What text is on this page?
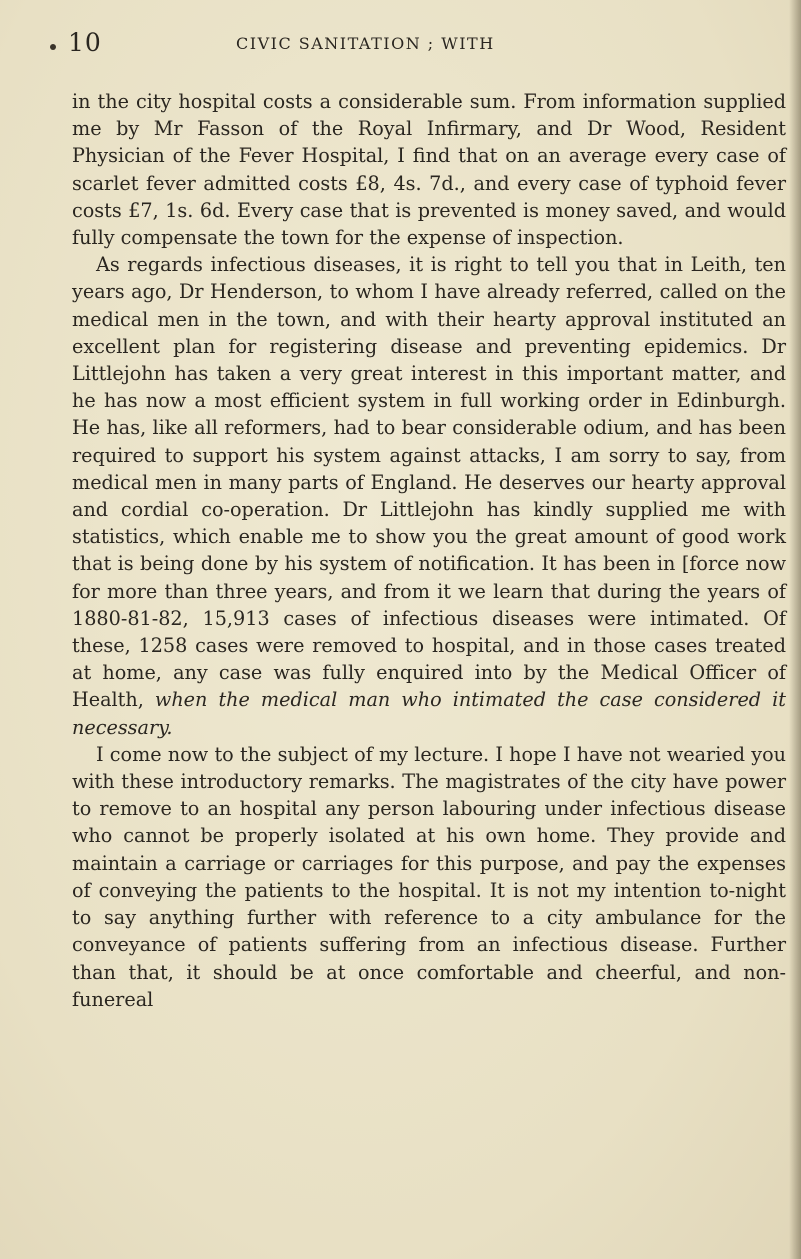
10	CIVIC SANITATION ; WITH

in the city hospital costs a considerable sum. From information supplied me by Mr Fasson of the Royal Infirmary, and Dr Wood, Resident Physician of the Fever Hospital, I find that on an average every case of scarlet fever admitted costs £8, 4s. 7d., and every case of typhoid fever costs £7, 1s. 6d. Every case that is prevented is money saved, and would fully compensate the town for the expense of inspection.

As regards infectious diseases, it is right to tell you that in Leith, ten years ago, Dr Henderson, to whom I have already referred, called on the medical men in the town, and with their hearty approval instituted an excellent plan for registering disease and preventing epidemics. Dr Littlejohn has taken a very great interest in this important matter, and he has now a most efficient system in full working order in Edinburgh. He has, like all reformers, had to bear considerable odium, and has been required to support his system against attacks, I am sorry to say, from medical men in many parts of England. He deserves our hearty approval and cordial co-operation. Dr Littlejohn has kindly supplied me with statistics, which enable me to show you the great amount of good work that is being done by his system of notification. It has been in [force now for more than three years, and from it we learn that during the years of 1880-81-82, 15,913 cases of infectious diseases were intimated. Of these, 1258 cases were removed to hospital, and in those cases treated at home, any case was fully enquired into by the Medical Officer of Health, when the medical man who intimated the case considered it necessary.

I come now to the subject of my lecture. I hope I have not wearied you with these introductory remarks. The magistrates of the city have power to remove to an hospital any person labouring under infectious disease who cannot be properly isolated at his own home. They provide and maintain a carriage or carriages for this purpose, and pay the expenses of conveying the patients to the hospital. It is not my intention to-night to say anything further with reference to a city ambulance for the conveyance of patients suffering from an infectious disease. Further than that, it should be at once comfortable and cheerful, and non-funereal
